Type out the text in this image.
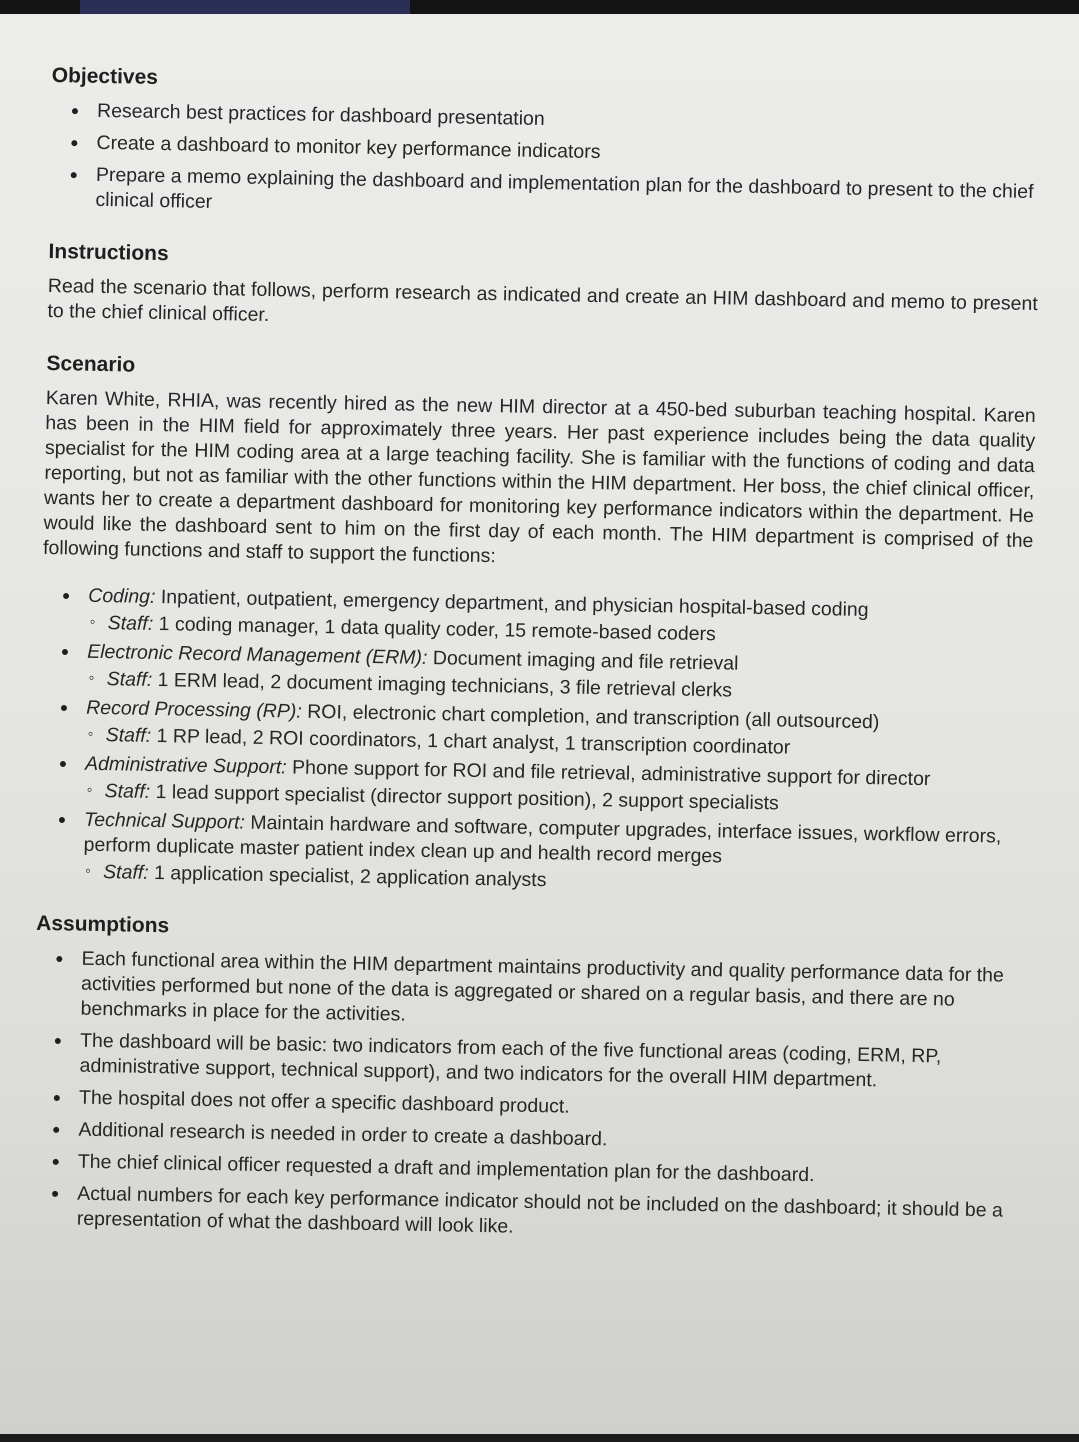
Objectives
• Research best practices for dashboard presentation
• Create a dashboard to monitor key performance indicators
• Prepare a memo explaining the dashboard and implementation plan for the dashboard to present to the chief clinical officer
Instructions

Read the scenario that follows, perform research as indicated and create an HIM dashboard and memo to present to the chief clinical officer.

Scenario

Karen White, RHIA, was recently hired as the new HIM director at a 450-bed suburban teaching hospital. Karen has been in the HIM field for approximately three years. Her past experience includes being the data quality specialist for the HIM coding area at a large teaching facility. She is familiar with the functions of coding and data reporting, but not as familiar with the other functions within the HIM department. Her boss, the chief clinical officer, wants her to create a department dashboard for monitoring key performance indicators within the department. He would like the dashboard sent to him on the first day of each month. The HIM department is comprised of the following functions and staff to support the functions:

• Coding: Inpatient, outpatient, emergency department, and physician hospital-based coding
◦ Staff: 1 coding manager, 1 data quality coder, 15 remote-based coders
• Electronic Record Management (ERM): Document imaging and file retrieval
◦ Staff: 1 ERM lead, 2 document imaging technicians, 3 file retrieval clerks
• Record Processing (RP): ROI, electronic chart completion, and transcription (all outsourced)
◦ Staff: 1 RP lead, 2 ROI coordinators, 1 chart analyst, 1 transcription coordinator
• Administrative Support: Phone support for ROI and file retrieval, administrative support for director
◦ Staff: 1 lead support specialist (director support position), 2 support specialists
• Technical Support: Maintain hardware and software, computer upgrades, interface issues, workflow errors, perform duplicate master patient index clean up and health record merges
◦ Staff: 1 application specialist, 2 application analysts
Assumptions
• Each functional area within the HIM department maintains productivity and quality performance data for the activities performed but none of the data is aggregated or shared on a regular basis, and there are no benchmarks in place for the activities.
• The dashboard will be basic: two indicators from each of the five functional areas (coding, ERM, RP, administrative support, technical support), and two indicators for the overall HIM department.
• The hospital does not offer a specific dashboard product.
• Additional research is needed in order to create a dashboard.
• The chief clinical officer requested a draft and implementation plan for the dashboard.
• Actual numbers for each key performance indicator should not be included on the dashboard; it should be a representation of what the dashboard will look like.
